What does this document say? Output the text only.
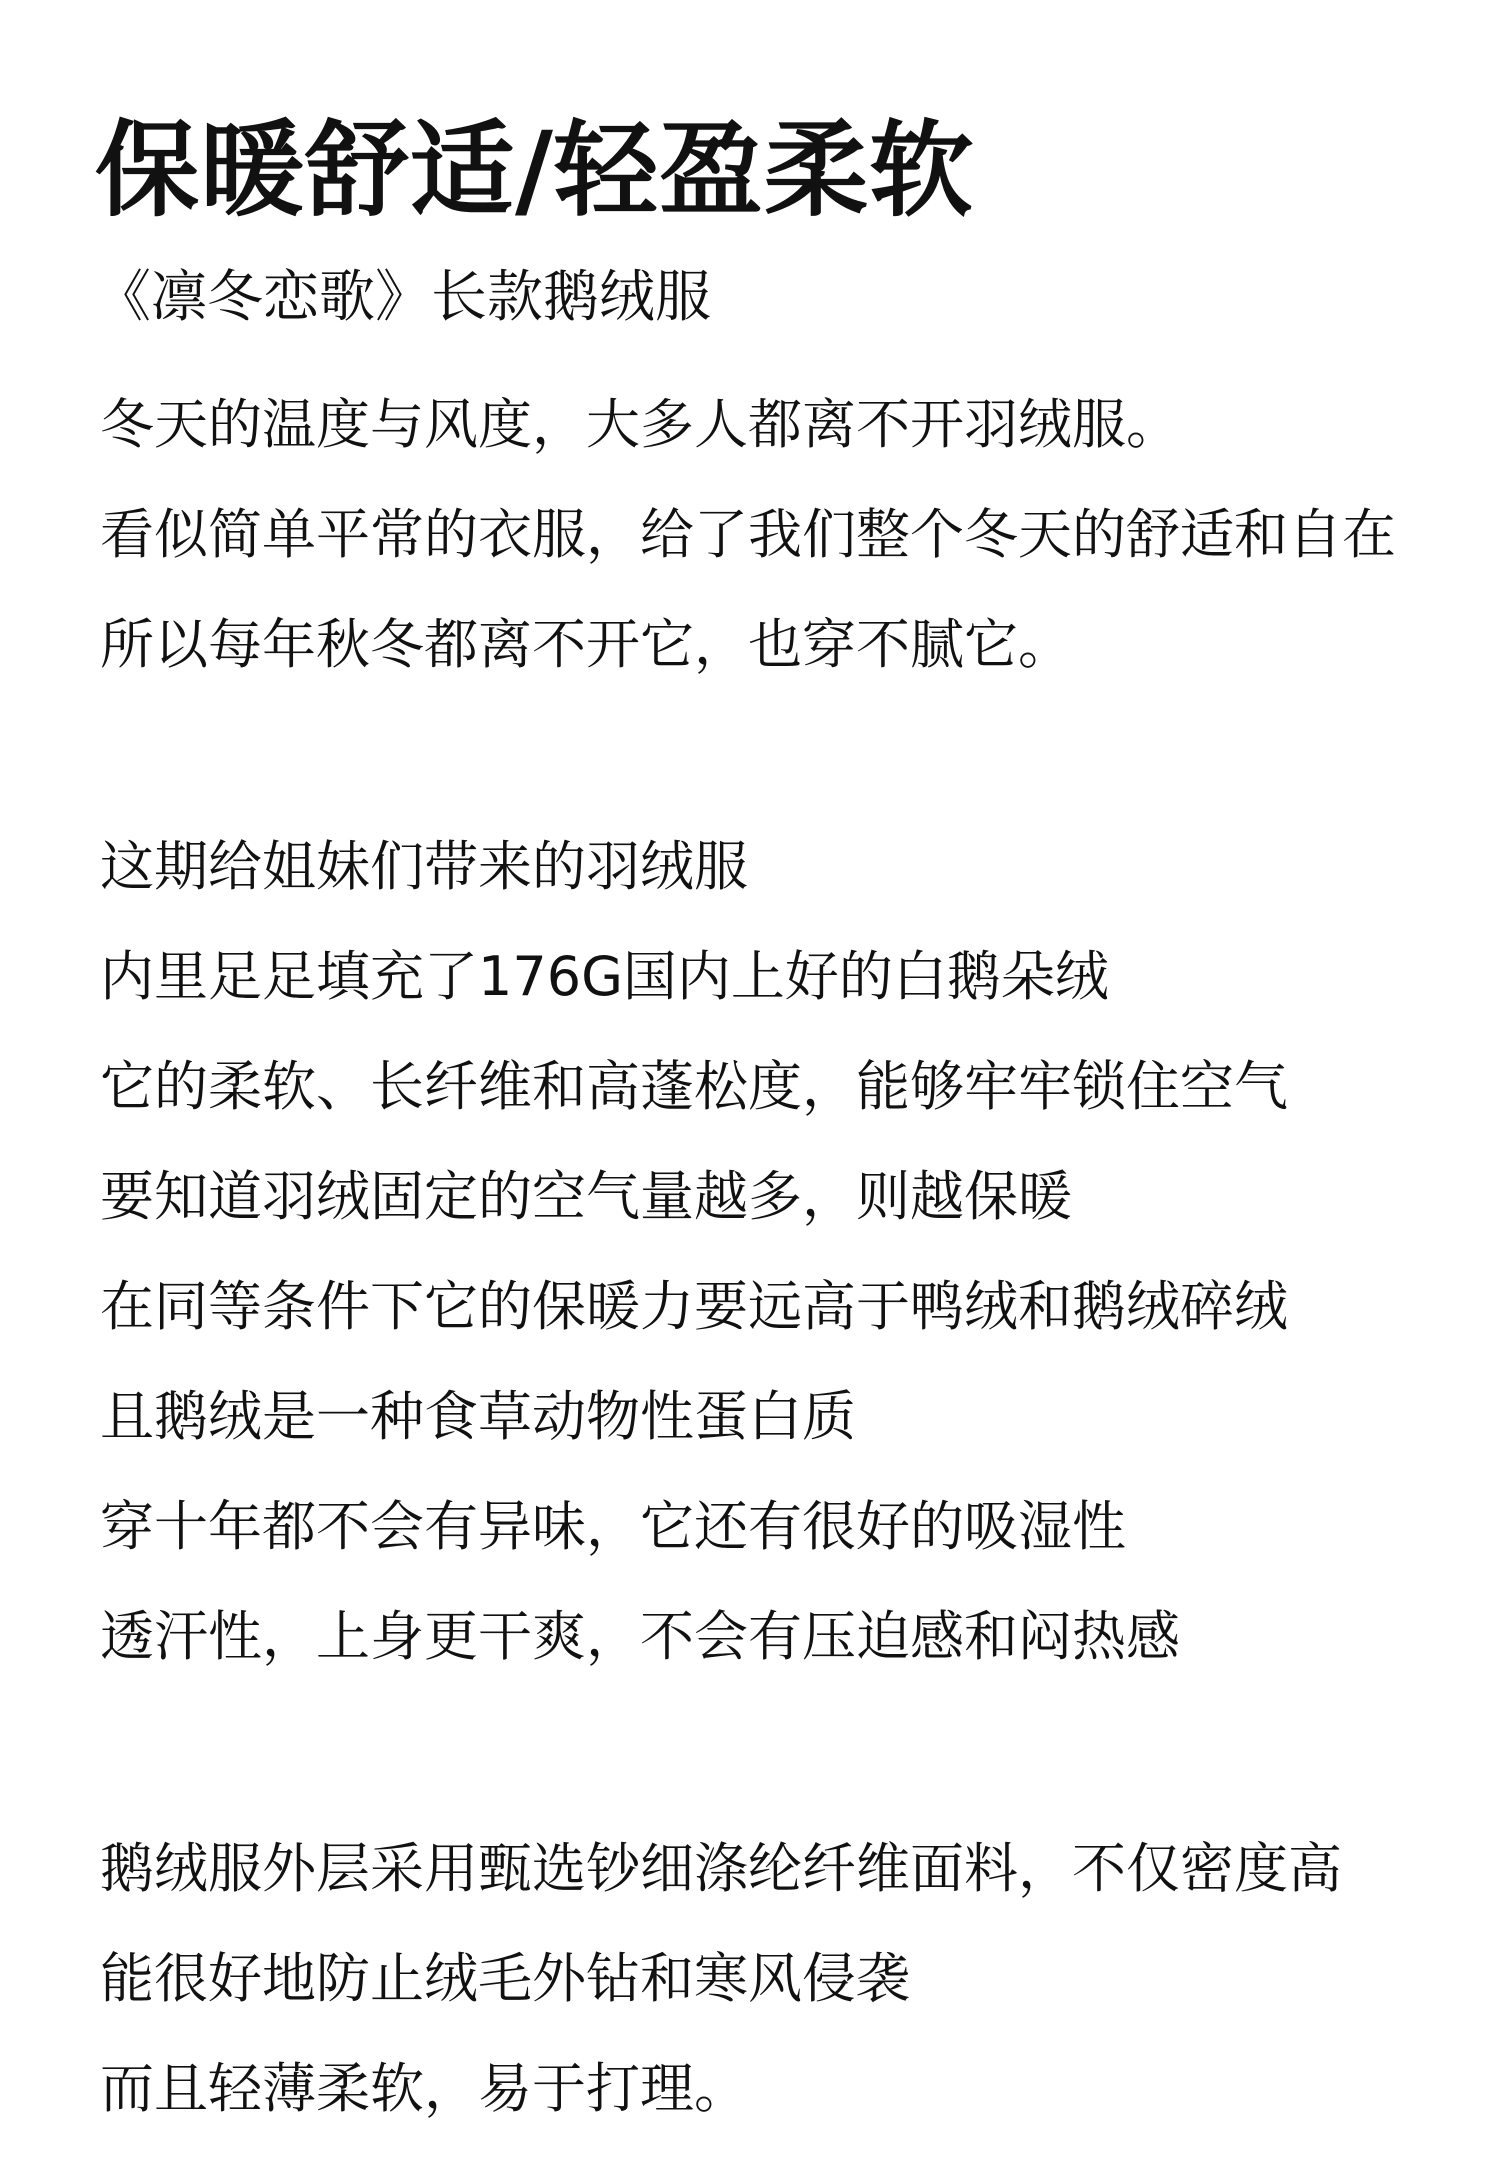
保暖舒适/轻盈柔软
《凛冬恋歌》长款鹅绒服
冬天的温度与风度，大多人都离不开羽绒服。
看似简单平常的衣服，给了我们整个冬天的舒适和自在
所以每年秋冬都离不开它，也穿不腻它。
这期给姐妹们带来的羽绒服
内里足足填充了176G国内上好的白鹅朵绒
它的柔软、长纤维和高蓬松度，能够牢牢锁住空气
要知道羽绒固定的空气量越多，则越保暖
在同等条件下它的保暖力要远高于鸭绒和鹅绒碎绒
且鹅绒是一种食草动物性蛋白质
穿十年都不会有异味，它还有很好的吸湿性
透汗性，上身更干爽，不会有压迫感和闷热感
鹅绒服外层采用甄选钞细涤纶纤维面料，不仅密度高
能很好地防止绒毛外钻和寒风侵袭
而且轻薄柔软，易于打理。
